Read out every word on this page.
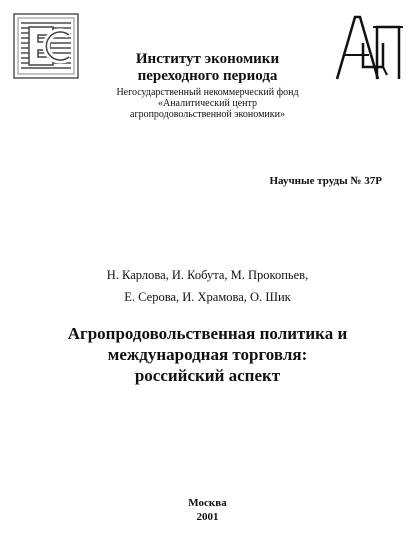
Институт экономики
переходного периода
Негосударственный некоммерческий фонд
«Аналитический центр
агропродовольственной экономики»
Научные труды № 37Р
Н. Карлова, И. Кобута, М. Прокопьев,
Е. Серова, И. Храмова, О. Шик
Агропродовольственная политика и
международная торговля:
российский аспект
Москва
2001
